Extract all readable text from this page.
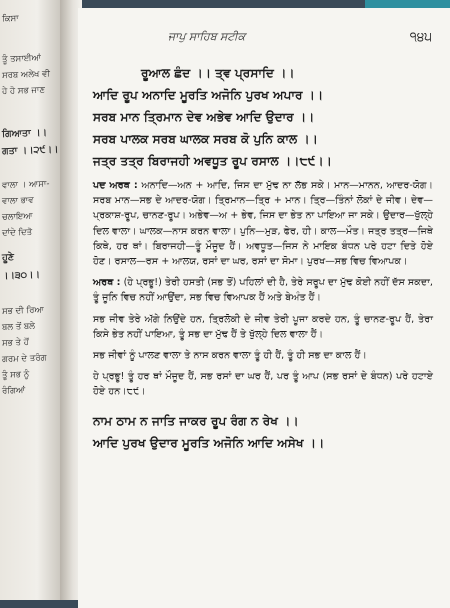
ਕਿਸਾ
ਤੂੰ ਤਸਾਈਆਂ
ਸਰਬ ਅਲੇਖ ਵੀ
ਹੇ ਹੋ ਸਭ ਜਾਣ
ਗਿਆਤਾ ।।
ਗਤਾ ।।੨੯।।
ਵਾਲਾ । ਆਸਾ-
ਵਾਲਾ ਭਾਵ
ਚਲਾਇਆ
ਦਾਂਦੇ ਦਿਤੋ
ਹੂਣੇ
।।੩੦।।
ਸਭ ਦੀ ਰਿਆ
ਬਲ ਤੋਂ ਬਲੇ
ਸਭ ਤੇ ਹੋਂ
ਗਰਮ ਦੇ ਤਰੰਗ
ਤੂੰ ਸਭ ਨੂੰ
ਰੰਗਿਆਂ
ਜਾਪੁ ਸਾਹਿਬ ਸਟੀਕ	੧੪੫
ਰੂਆਲ ਛੰਦ ।। ਤ੍ਵ ਪ੍ਰਸਾਦਿ ।।
ਆਦਿ ਰੂਪ ਅਨਾਦਿ ਮੂਰਤਿ ਅਜੋਨਿ ਪੁਰਖ ਅਪਾਰ ।।
ਸਰਬ ਮਾਨ ਤ੍ਰਿਮਾਨ ਦੇਵ ਅਭੇਵ ਆਦਿ ਉਦਾਰ ।।
ਸਰਬ ਪਾਲਕ ਸਰਬ ਘਾਲਕ ਸਰਬ ਕੋ ਪੁਨਿ ਕਾਲ ।।
ਜਤ੍ਰ ਤਤ੍ਰ ਬਿਰਾਜਹੀ ਅਵਧੂਤ ਰੂਪ ਰਸਾਲ ।।੮੯।।
ਪਦ ਅਰਥ : ਅਨਾਦਿ—ਅਨ + ਆਦਿ, ਜਿਸ ਦਾ ਮੁੱਢ ਨਾ ਲੱਭ ਸਕੇ। ਮਾਨ—ਮਾਨਨ, ਆਦਰ-ਯੋਗ। ਸਰਬ ਮਾਨ—ਸਭ ਦੇ ਆਦਰ-ਯੋਗ। ਤ੍ਰਿਮਾਨ—ਤ੍ਰਿ + ਮਾਨ। ਤ੍ਰਿ—ਤਿੰਨਾਂ ਲੋਕਾਂ ਦੇ ਜੀਵ। ਦੇਵ—ਪ੍ਰਕਾਸ਼-ਰੂਪ, ਚਾਨਣ-ਰੂਪ। ਅਭੇਵ—ਅ + ਭੇਵ, ਜਿਸ ਦਾ ਭੇਤ ਨਾ ਪਾਇਆ ਜਾ ਸਕੇ। ਉਦਾਰ—ਖੁੱਲ੍ਹੇ ਦਿਲ ਵਾਲਾ। ਘਾਲਕ—ਨਾਸ ਕਰਨ ਵਾਲਾ। ਪੁਨਿ—ਮੁੜ, ਫੇਰ, ਹੀ। ਕਾਲ—ਮੌਤ। ਜਤ੍ਰ ਤਤ੍ਰ—ਜਿਥੇ ਕਿਥੇ, ਹਰ ਥਾਂ। ਬਿਰਾਜਹੀ—ਤੂੰ ਮੌਜੂਦ ਹੈਂ। ਅਵਧੂਤ—ਜਿਸ ਨੇ ਮਾਇਕ ਬੰਧਨ ਪਰੇ ਹਟਾ ਦਿਤੇ ਹੋਏ ਹੋਣ। ਰਸਾਲ—ਰਸ + ਆਲਯ, ਰਸਾਂ ਦਾ ਘਰ, ਰਸਾਂ ਦਾ ਸੋਮਾ। ਪੁਰਖ—ਸਭ ਵਿਚ ਵਿਆਪਕ।
ਅਰਥ : (ਹੇ ਪ੍ਰਭੂ!) ਤੇਰੀ ਹਸਤੀ (ਸਭ ਤੋਂ) ਪਹਿਲਾਂ ਦੀ ਹੈ, ਤੇਰੇ ਸਰੂਪ ਦਾ ਮੁੱਢ ਕੋਈ ਨਹੀਂ ਦੱਸ ਸਕਦਾ, ਤੂੰ ਜੂਨਿ ਵਿਚ ਨਹੀਂ ਆਉਂਦਾ, ਸਭ ਵਿਚ ਵਿਆਪਕ ਹੈਂ ਅਤੇ ਬੇਅੰਤ ਹੈਂ।
ਸਭ ਜੀਵ ਤੇਰੇ ਅੱਗੇ ਨਿਉਂਦੇ ਹਨ, ਤ੍ਰਿਲੋਕੀ ਦੇ ਜੀਵ ਤੇਰੀ ਪੂਜਾ ਕਰਦੇ ਹਨ, ਤੂੰ ਚਾਨਣ-ਰੂਪ ਹੈਂ, ਤੇਰਾ ਕਿਸੇ ਭੇਤ ਨਹੀਂ ਪਾਇਆ, ਤੂੰ ਸਭ ਦਾ ਮੁੱਢ ਹੈਂ ਤੇ ਖੁੱਲ੍ਹੇ ਦਿਲ ਵਾਲਾ ਹੈਂ।
ਸਭ ਜੀਵਾਂ ਨੂੰ ਪਾਲਣ ਵਾਲਾ ਤੇ ਨਾਸ ਕਰਨ ਵਾਲਾ ਤੂੰ ਹੀ ਹੈਂ, ਤੂੰ ਹੀ ਸਭ ਦਾ ਕਾਲ ਹੈਂ।
ਹੇ ਪ੍ਰਭੂ! ਤੂੰ ਹਰ ਥਾਂ ਮੌਜੂਦ ਹੈਂ, ਸਭ ਰਸਾਂ ਦਾ ਘਰ ਹੈਂ, ਪਰ ਤੂੰ ਆਪ (ਸਭ ਰਸਾਂ ਦੇ ਬੰਧਨ) ਪਰੇ ਹਟਾਏ ਹੋਏ ਹਨ।੮੯।
ਨਾਮ ਠਾਮ ਨ ਜਾਤਿ ਜਾਕਰ ਰੂਪ ਰੰਗ ਨ ਰੇਖ ।।
ਆਦਿ ਪੁਰਖ ਉਦਾਰ ਮੂਰਤਿ ਅਜੋਨਿ ਆਦਿ ਅਸੇਖ ।।
